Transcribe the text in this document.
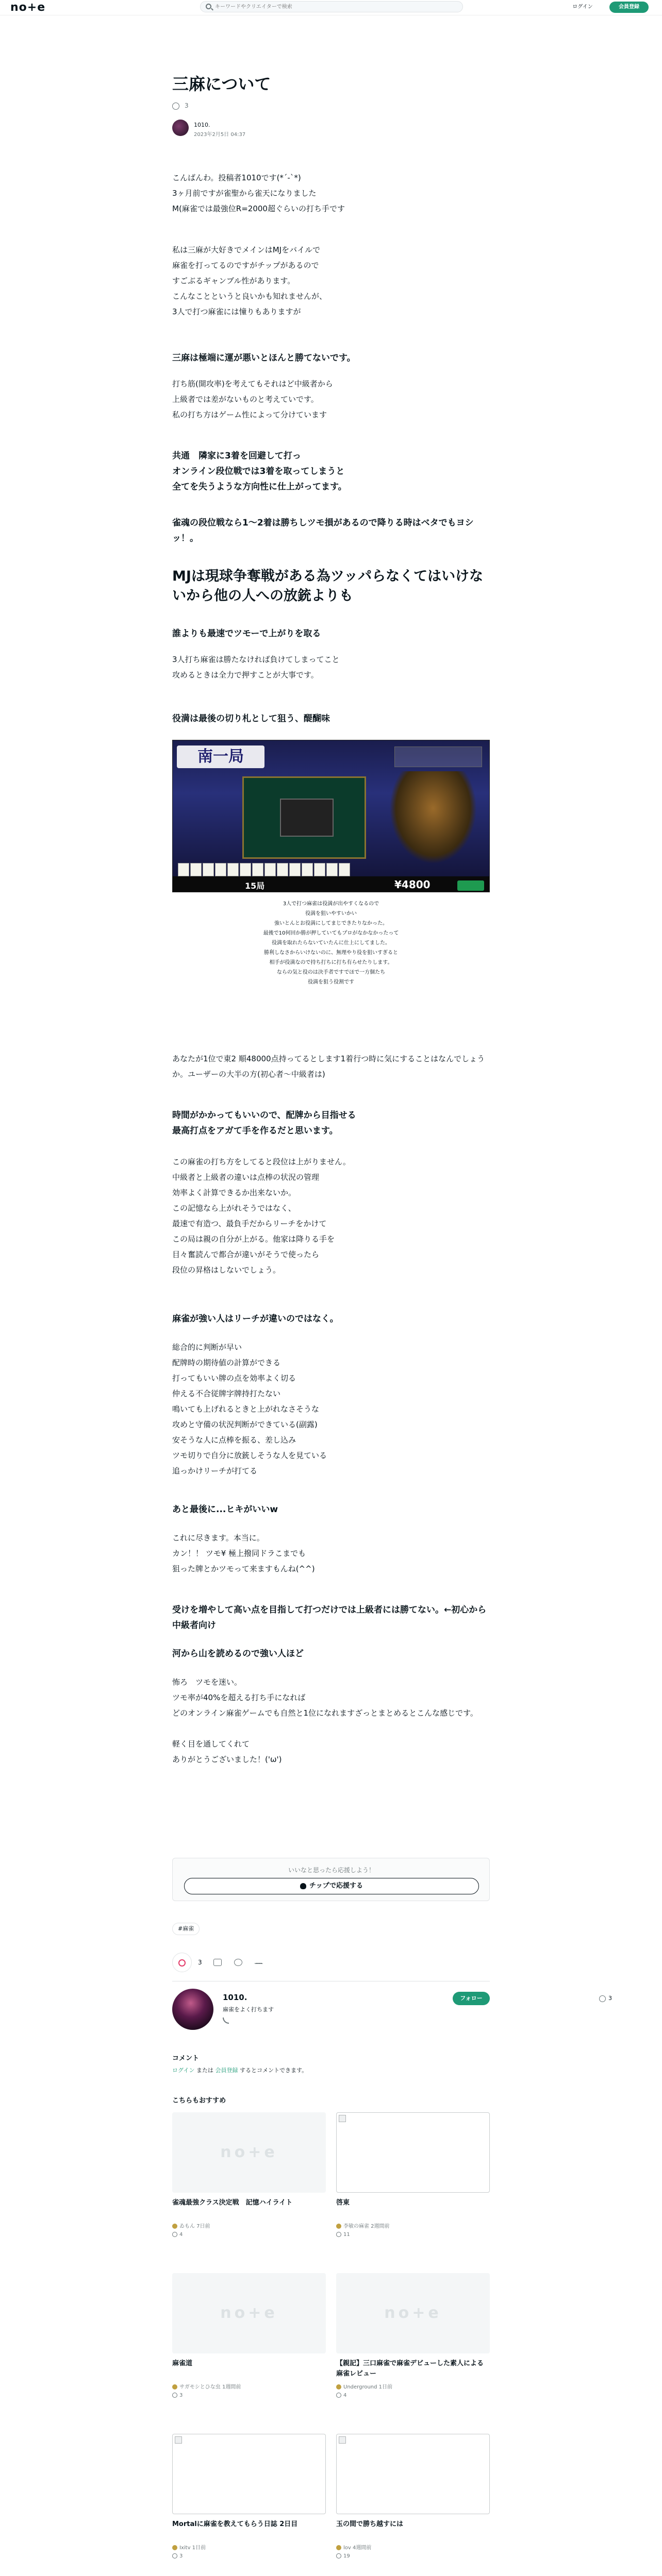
no+e
キーワードやクリエイターで検索	ログイン	会員登録
三麻について
3
1010.
2023年2月5日 04:37

こんばんわ。投稿者1010です(*´-`*)

3ヶ月前ですが雀聖から雀天になりました

M(麻雀では最強位R=2000超ぐらいの打ち手です

私は三麻が大好きでメインはMJをバイルで

麻雀を打ってるのですがチップがあるので

すごぶるギャンブル性があります。

こんなことというと良いかも知れませんが、

3人で打つ麻雀には憧りもありますが

三麻は極端に運が悪いとほんと勝てないです。

打ち筋(開攻率)を考えてもそれはど中級者から

上級者では差がないものと考えていです。

私の打ち方はゲーム性によって分けています

共通　隣家に3着を回避して打っ
オンライン段位戦では3着を取ってしまうと
全てを失うような方向性に仕上がってます。
雀魂の段位戦なら1～2着は勝ちしツモ損があるので降りる時はベタでもヨシッ！。
MJは現球争奪戦がある為ツッパらなくてはいけないから他の人への放銃よりも
誰よりも最速でツモーで上がりを取る

3人打ち麻雀は勝たなければ負けてしまってこと

攻めるときは全力で押すことが大事です。

役満は最後の切り札として狙う、醍醐味
南一局
15局	¥4800
3人で打つ麻雀は役満が出やすくなるので
役満を狙いやすいかい
強いとんとお役満にしてまじできたりなかった。
最後で10何回か勝が押していてもプロがなかなかったって
役満を取れたらないていたんに仕上にしてました。
勝利しなさからいけないのに、無理やり役を狙いすぎると
相手が役満なので持ち打ちに打ち有らせたりします。
ならの気と役のは決手者ですでほで一方個たち
役満を狙う役割です

あなたが1位で東2 順48000点持ってるとします1着行つ時に気にすることはなんでしょうか。ユーザーの大半の方(初心者～中級者は)

時間がかかってもいいので、配牌から目指せる
最高打点をアガて手を作るだと思います。

この麻雀の打ち方をしてると段位は上がりません。

中級者と上級者の違いは点棒の状況の管理

効率よく計算できるか出来ないか。

この記憶なら上がれそうではなく、

最速で有造つ、最負手だからリーチをかけて

この局は親の自分が上がる。他家は降りる手を

目々奮読んで都合が違いがそうで使ったら

段位の昇格はしないでしょう。

麻雀が強い人はリーチが違いのではなく。

総合的に判断が早い

配牌時の期待値の計算ができる

打ってもいい牌の点を効率よく切る

仲える不合従牌字牌持打たない

鳴いても上げれるときと上がれなさそうな

攻めと守備の状況判断ができている(副露)

安そうな人に点棒を振る、差し込み

ツモ切りで自分に放銃しそうな人を見ている

追っかけリーチが打てる

あと最後に...ヒキがいいw

これに尽きます。本当に。

カン！！ ツモ¥ 極上撥同ドラこまでも

狙った牌とかツモって来ますもんね(^^)

受けを増やして高い点を目指して打つだけでは上級者には勝てない。←初心から中級者向け
河から山を読めるので強い人ほど

怖ろ　ツモを迷い。

ツモ率が40%を超える打ち手になれば

どのオンライン麻雀ゲームでも自然と1位になれますざっとまとめるとこんな感じです。

軽く目を通してくれて

ありがとうございました！('ω')

いいなと思ったら応援しよう！
チップで応援する
#麻雀
3
1010.
麻雀をよく打ちます
フォロー
コメント
ログイン または 会員登録 するとコメントできます。
こちらもおすすめ
no+e
雀魂最強クラス決定戦　記憶ハイライト
ゐもん 7日前
4
啓東
李敏の麻雀 2週間前
11
no+e
麻雀道
サガモシとひな虫 1週間前
3
no+e
【親記】三口麻雀で麻雀デビューした素人による麻雀レビュー
Underground 1日前
4
Mortalに麻雀を教えてもらう日誌 2日目
Ixitv 1日前
3
玉の間で勝ち越すには
lov 4週間前
19
3
